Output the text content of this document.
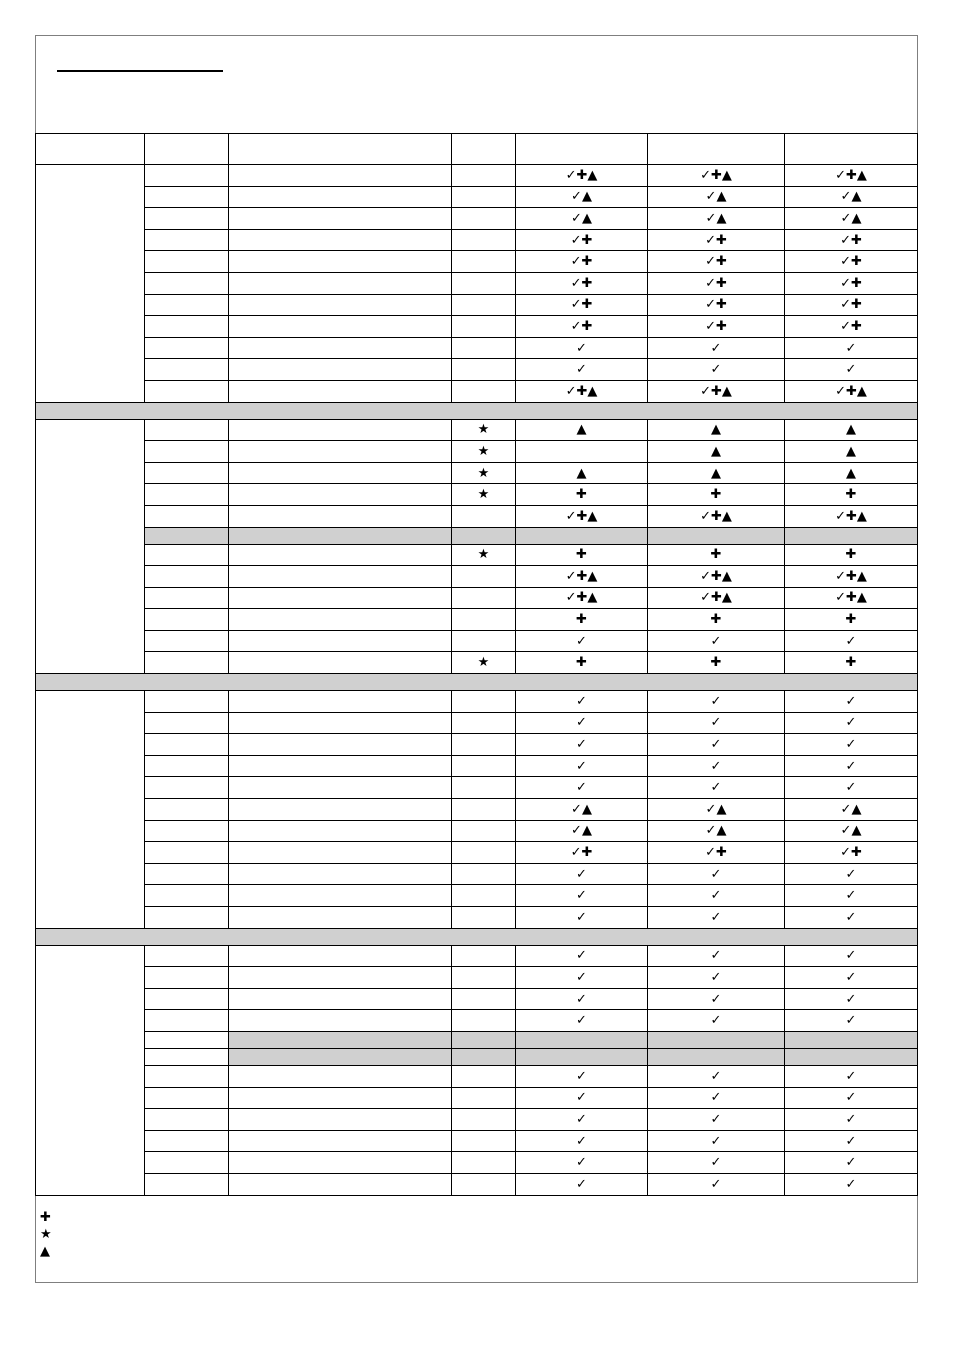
				✓✚▲	✓✚▲	✓✚▲
				✓▲	✓▲	✓▲
				✓▲	✓▲	✓▲
				✓✚	✓✚	✓✚
				✓✚	✓✚	✓✚
				✓✚	✓✚	✓✚
				✓✚	✓✚	✓✚
				✓✚	✓✚	✓✚
				✓	✓	✓
				✓	✓	✓
				✓✚▲	✓✚▲	✓✚▲

			★	▲	▲	▲
			★		▲	▲
			★	▲	▲	▲
			★	✚	✚	✚
				✓✚▲	✓✚▲	✓✚▲

			★	✚	✚	✚
				✓✚▲	✓✚▲	✓✚▲
				✓✚▲	✓✚▲	✓✚▲
				✚	✚	✚
				✓	✓	✓
			★	✚	✚	✚

				✓	✓	✓
				✓	✓	✓
				✓	✓	✓
				✓	✓	✓
				✓	✓	✓
				✓▲	✓▲	✓▲
				✓▲	✓▲	✓▲
				✓✚	✓✚	✓✚
				✓	✓	✓
				✓	✓	✓
				✓	✓	✓

				✓	✓	✓
				✓	✓	✓
				✓	✓	✓
				✓	✓	✓

				✓	✓	✓
				✓	✓	✓
				✓	✓	✓
				✓	✓	✓
				✓	✓	✓
				✓	✓	✓
✚
★
▲
